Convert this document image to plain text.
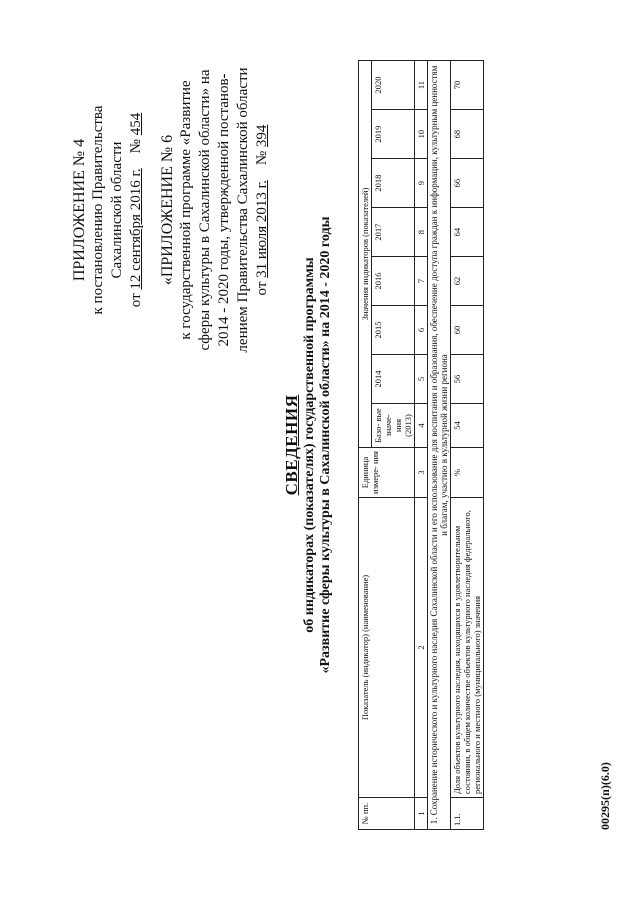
ПРИЛОЖЕНИЕ № 4 к постановлению Правительства Сахалинской области
от 12 сентября 2016 г.    № 454
«ПРИЛОЖЕНИЕ № 6 к государственной программе «Развитие сферы культуры в Сахалинской области» на 2014 - 2020 годы, утвержденной постанов- лением Правительства Сахалинской области от 31 июля 2013 г.    № 394
СВЕДЕНИЯ об индикаторах (показателях) государственной программы «Развитие сферы культуры в Сахалинской области» на 2014 - 2020 годы
№ пп.	Показатель (индикатор) (наименование)	Единица измере- ния	Значения индикаторов (показателей)							
			Базо- вые значе- ния (2013)	2014	2015	2016	2017	2018	2019	2020
1	2	3	4	5	6	7	8	9	10	11
1. Сохранение исторического и культурного наследия Сахалинской области и его использование для воспитания и образования, обеспечение доступа граждан к информации, культурным ценностям и благам, участию в культурной жизни региона										
1.1.	Доля объектов культурного наследия, находящихся в удовлетворительном состоянии, в общем количестве объектов культурного наследия федерального, регионального и местного (муниципального) значения	%	54	56	60	62	64	66	68	70
00295(п)(6.0)
